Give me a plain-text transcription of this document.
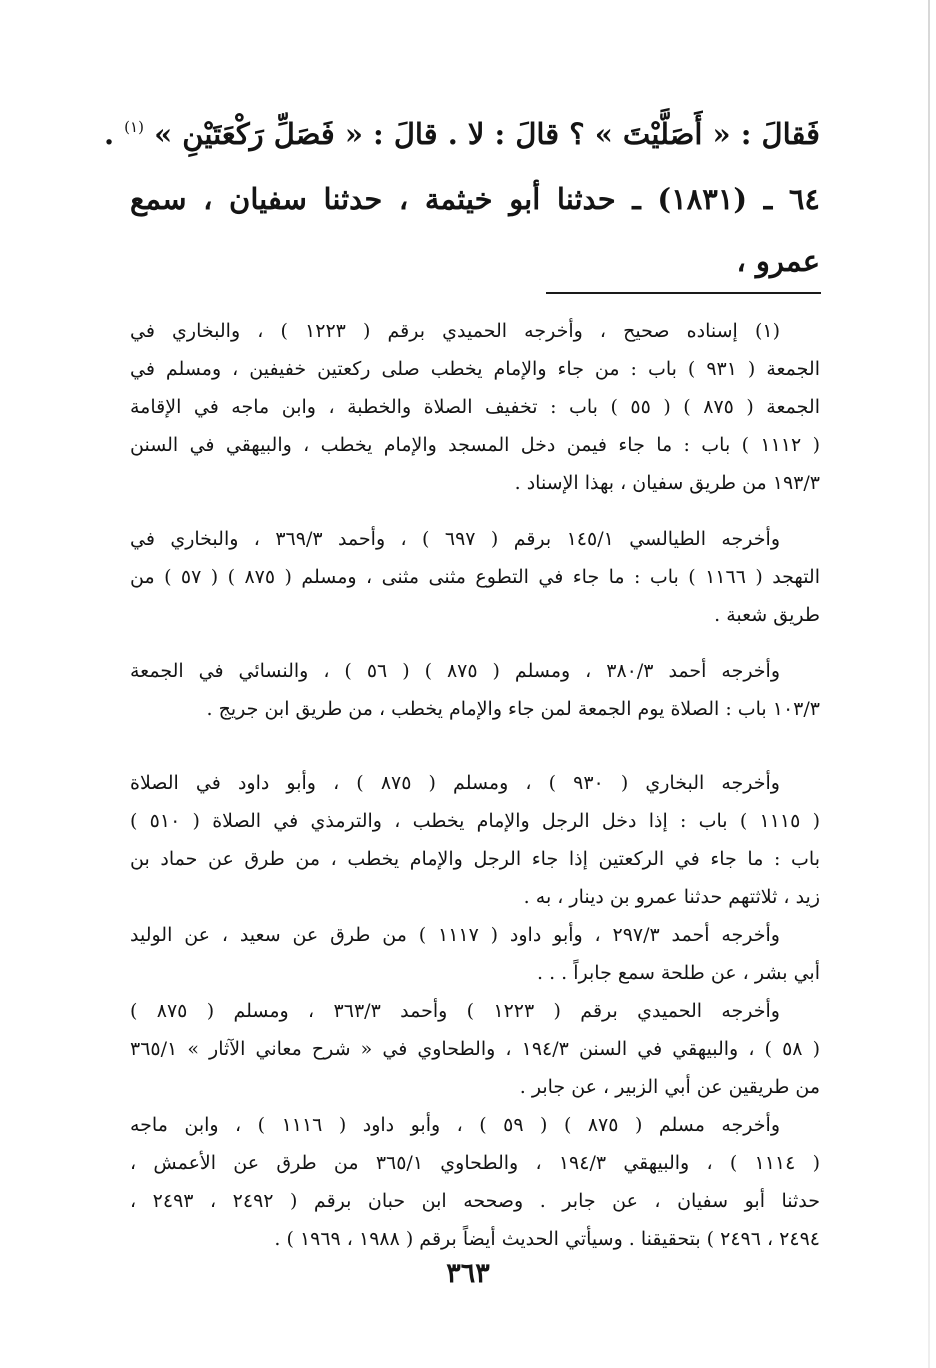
فَقالَ : « أَصَلَّيْتَ » ؟ قالَ : لا . قالَ : « فَصَلِّ رَكْعَتَيْنِ » $^{(١)}$ .
٦٤ ـ (١٨٣١) ـ حدثنا أبو خيثمة ، حدثنا سفيان ، سمع
عمرو ،

(١) إسناده صحيح ، وأخرجه الحميدي برقم ( ١٢٢٣ ) ، والبخاري في
الجمعة ( ٩٣١ ) باب : من جاء والإمام يخطب صلى ركعتين خفيفين ، ومسلم في
الجمعة ( ٨٧٥ ) ( ٥٥ ) باب : تخفيف الصلاة والخطبة ، وابن ماجه في الإقامة
( ١١١٢ ) باب : ما جاء فيمن دخل المسجد والإمام يخطب ، والبيهقي في السنن
١٩٣/٣ من طريق سفيان ، بهذا الإسناد .

وأخرجه الطيالسي ١٤٥/١ برقم ( ٦٩٧ ) ، وأحمد ٣٦٩/٣ ، والبخاري في
التهجد ( ١١٦٦ ) باب : ما جاء في التطوع مثنى مثنى ، ومسلم ( ٨٧٥ ) ( ٥٧ ) من
طريق شعبة .

وأخرجه أحمد ٣٨٠/٣ ، ومسلم ( ٨٧٥ ) ( ٥٦ ) ، والنسائي في الجمعة
١٠٣/٣ باب : الصلاة يوم الجمعة لمن جاء والإمام يخطب ، من طريق ابن جريج .

وأخرجه البخاري ( ٩٣٠ ) ، ومسلم ( ٨٧٥ ) ، وأبو داود في الصلاة
( ١١١٥ ) باب : إذا دخل الرجل والإمام يخطب ، والترمذي في الصلاة ( ٥١٠ )
باب : ما جاء في الركعتين إذا جاء الرجل والإمام يخطب ، من طرق عن حماد بن
زيد ، ثلاثتهم حدثنا عمرو بن دينار ، به .

وأخرجه أحمد ٢٩٧/٣ ، وأبو داود ( ١١١٧ ) من طرق عن سعيد ، عن الوليد
أبي بشر ، عن طلحة سمع جابراً . . .

وأخرجه الحميدي برقم ( ١٢٢٣ ) وأحمد ٣٦٣/٣ ، ومسلم ( ٨٧٥ )
( ٥٨ ) ، والبيهقي في السنن ١٩٤/٣ ، والطحاوي في « شرح معاني الآثار » ٣٦٥/١
من طريقين عن أبي الزبير ، عن جابر .

وأخرجه مسلم ( ٨٧٥ ) ( ٥٩ ) ، وأبو داود ( ١١١٦ ) ، وابن ماجه
( ١١١٤ ) ، والبيهقي ١٩٤/٣ ، والطحاوي ٣٦٥/١ من طرق عن الأعمش ،
حدثنا أبو سفيان ، عن جابر . وصححه ابن حبان برقم ( ٢٤٩٢ ، ٢٤٩٣ ،
٢٤٩٤ ، ٢٤٩٦ ) بتحقيقنا . وسيأتي الحديث أيضاً برقم ( ١٩٨٨ ، ١٩٦٩ ) .

٣٦٣
